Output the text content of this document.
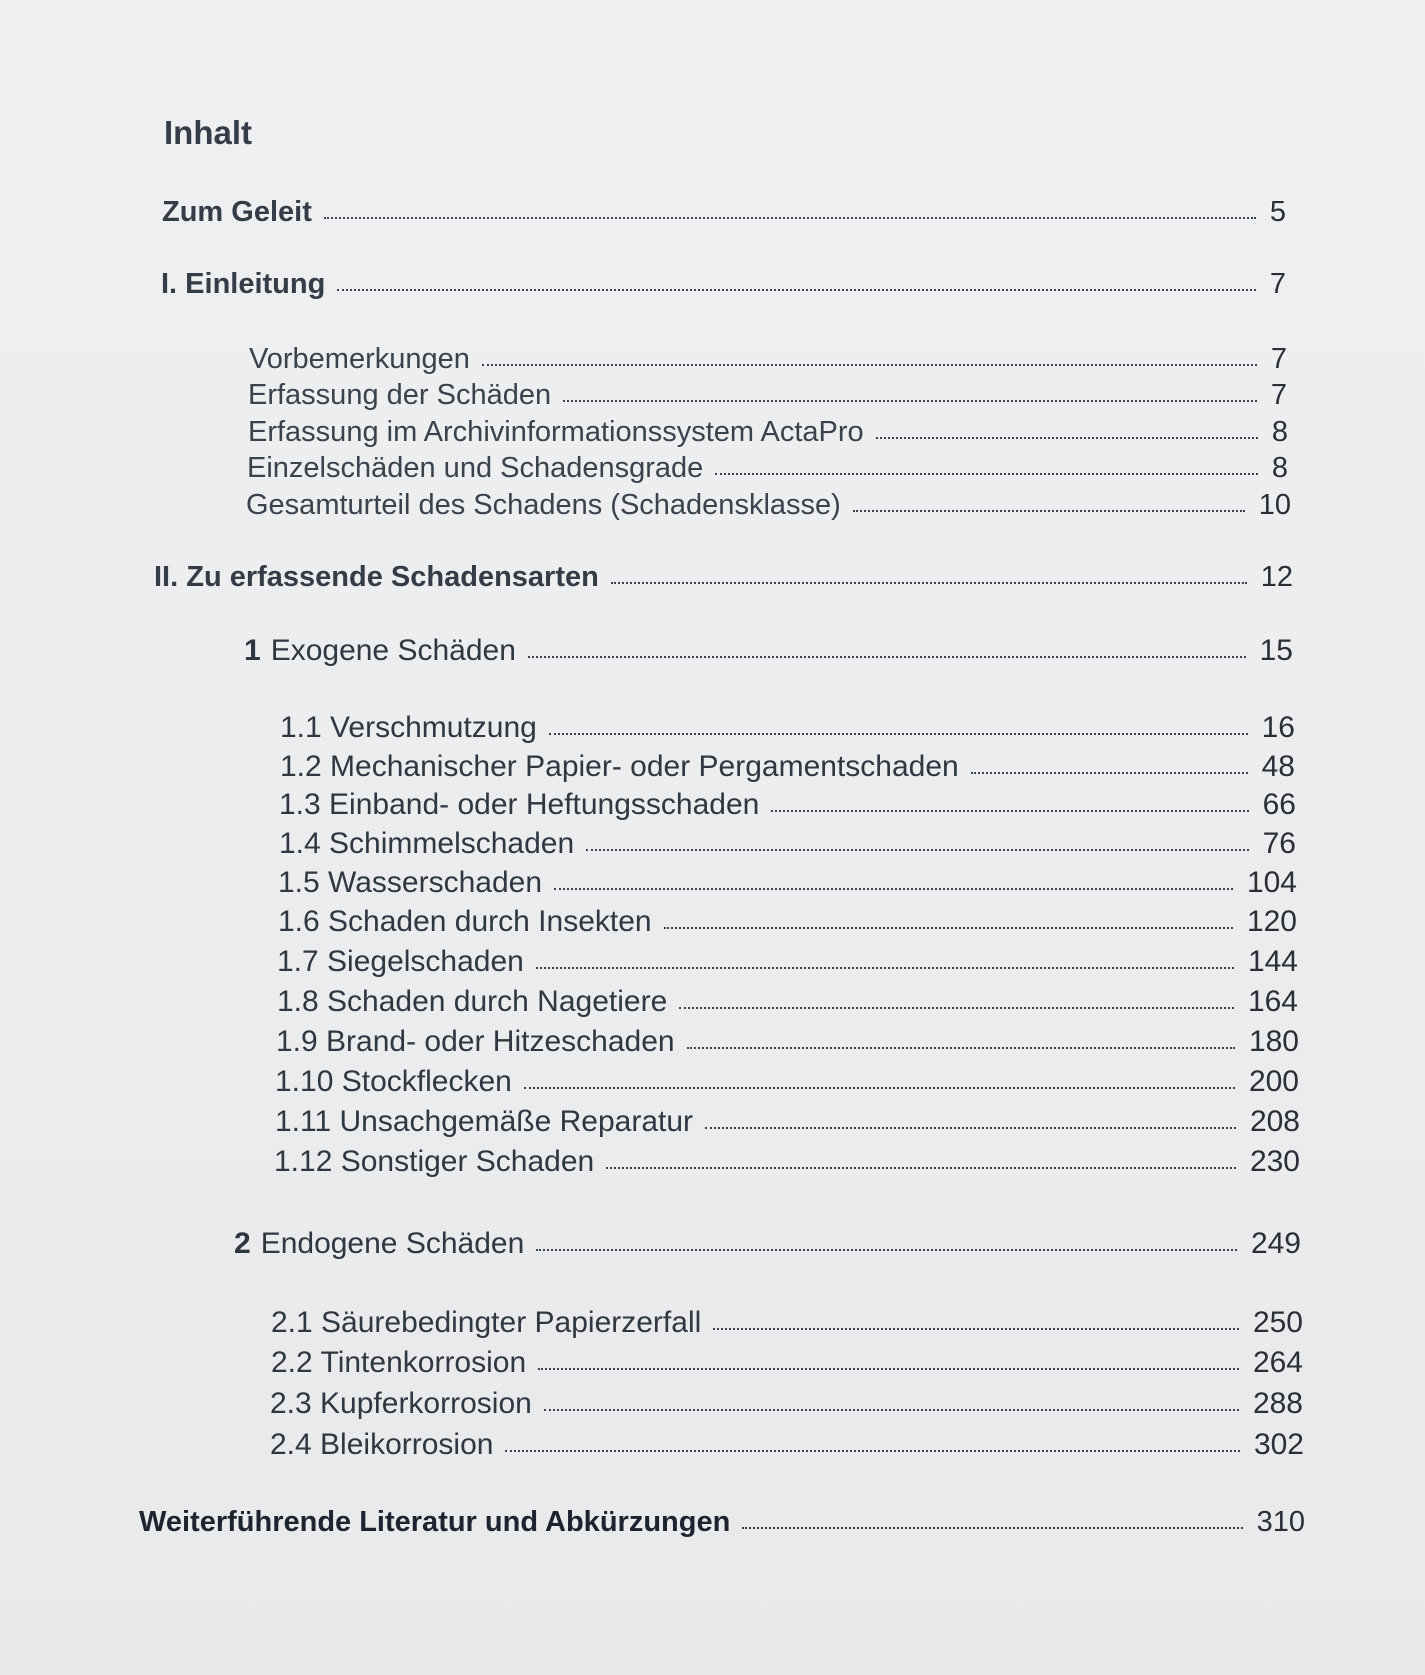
Inhalt
Zum Geleit	5
I. Einleitung	7
Vorbemerkungen	7
Erfassung der Schäden	7
Erfassung im Archivinformationssystem ActaPro	8
Einzelschäden und Schadensgrade	8
Gesamturteil des Schadens (Schadensklasse)	10
II. Zu erfassende Schadensarten	12
1 Exogene Schäden	15
1.1 Verschmutzung	16
1.2 Mechanischer Papier- oder Pergamentschaden	48
1.3 Einband- oder Heftungsschaden	66
1.4 Schimmelschaden	76
1.5 Wasserschaden	104
1.6 Schaden durch Insekten	120
1.7 Siegelschaden	144
1.8 Schaden durch Nagetiere	164
1.9 Brand- oder Hitzeschaden	180
1.10 Stockflecken	200
1.11 Unsachgemäße Reparatur	208
1.12 Sonstiger Schaden	230
2 Endogene Schäden	249
2.1 Säurebedingter Papierzerfall	250
2.2 Tintenkorrosion	264
2.3 Kupferkorrosion	288
2.4 Bleikorrosion	302
Weiterführende Literatur und Abkürzungen	310
